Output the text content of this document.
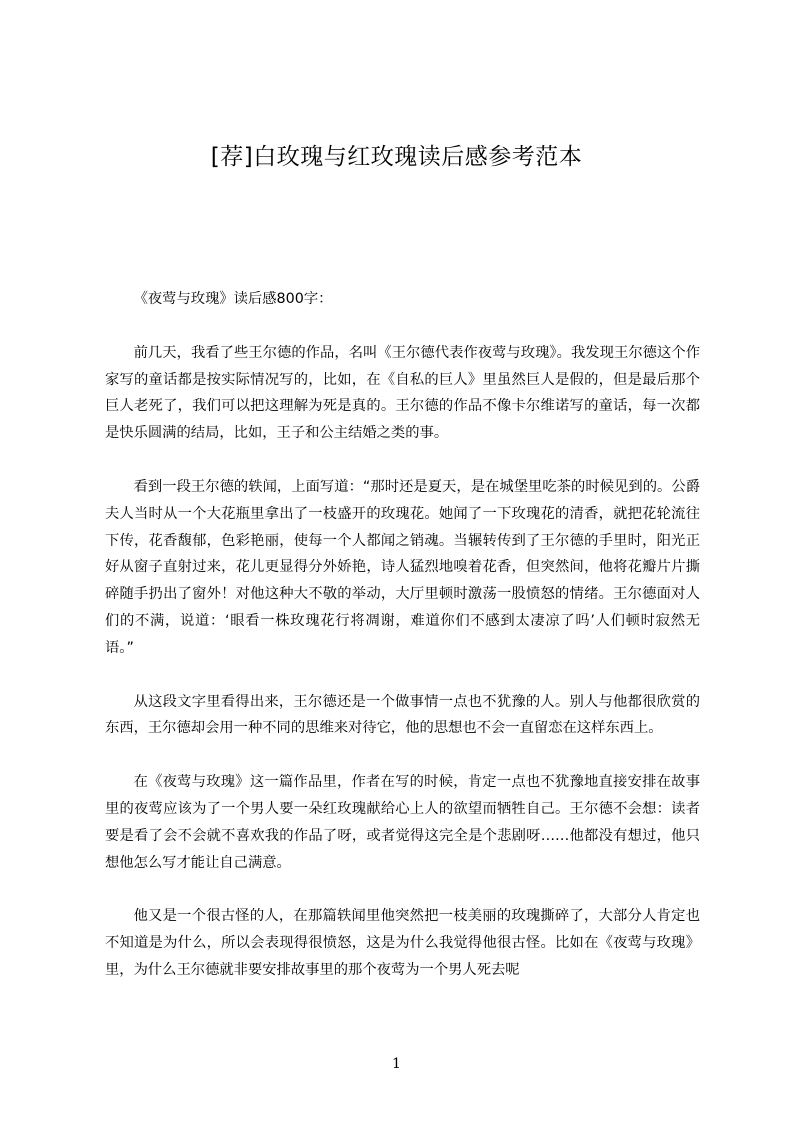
[荐]白玫瑰与红玫瑰读后感参考范本

《夜莺与玫瑰》读后感800字：

前几天，我看了些王尔德的作品，名叫《王尔德代表作夜莺与玫瑰》。我发现王尔德这个作家写的童话都是按实际情况写的，比如，在《自私的巨人》里虽然巨人是假的，但是最后那个巨人老死了，我们可以把这理解为死是真的。王尔德的作品不像卡尔维诺写的童话，每一次都是快乐圆满的结局，比如，王子和公主结婚之类的事。

看到一段王尔德的轶闻，上面写道：“那时还是夏天，是在城堡里吃茶的时候见到的。公爵夫人当时从一个大花瓶里拿出了一枝盛开的玫瑰花。她闻了一下玫瑰花的清香，就把花轮流往下传，花香馥郁，色彩艳丽，使每一个人都闻之销魂。当辗转传到了王尔德的手里时，阳光正好从窗子直射过来，花儿更显得分外娇艳，诗人猛烈地嗅着花香，但突然间，他将花瓣片片撕碎随手扔出了窗外！对他这种大不敬的举动，大厅里顿时激荡一股愤怒的情绪。王尔德面对人们的不满，说道：‘眼看一株玫瑰花行将凋谢，难道你们不感到太凄凉了吗’人们顿时寂然无语。”

从这段文字里看得出来，王尔德还是一个做事情一点也不犹豫的人。别人与他都很欣赏的东西，王尔德却会用一种不同的思维来对待它，他的思想也不会一直留恋在这样东西上。

在《夜莺与玫瑰》这一篇作品里，作者在写的时候，肯定一点也不犹豫地直接安排在故事里的夜莺应该为了一个男人要一朵红玫瑰献给心上人的欲望而牺牲自己。王尔德不会想：读者要是看了会不会就不喜欢我的作品了呀，或者觉得这完全是个悲剧呀……他都没有想过，他只想他怎么写才能让自己满意。

他又是一个很古怪的人，在那篇轶闻里他突然把一枝美丽的玫瑰撕碎了，大部分人肯定也不知道是为什么，所以会表现得很愤怒，这是为什么我觉得他很古怪。比如在《夜莺与玫瑰》里，为什么王尔德就非要安排故事里的那个夜莺为一个男人死去呢

1
